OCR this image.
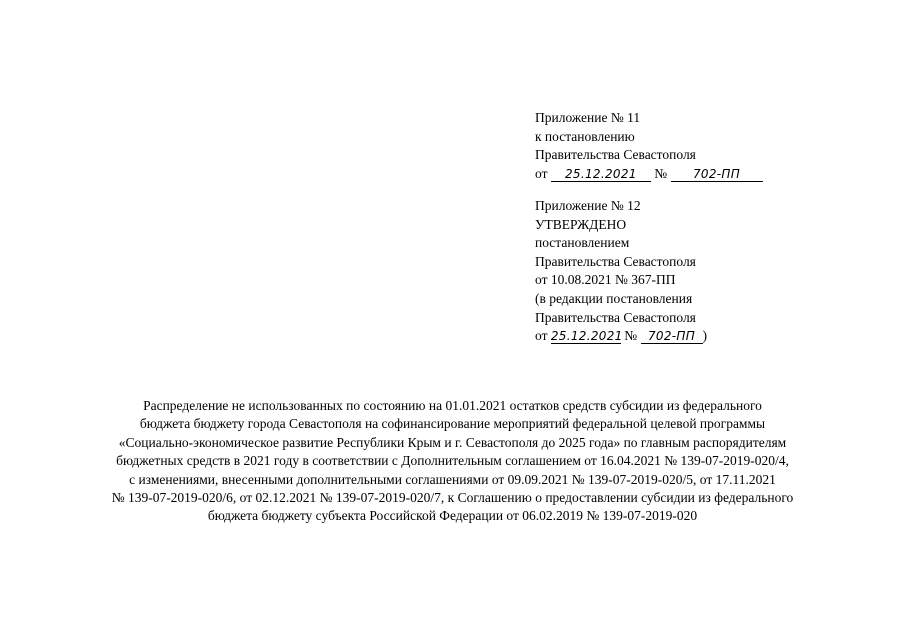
Приложение № 11
к постановлению
Правительства Севастополя
от 25.12.2021 № 702-ПП
Приложение № 12
УТВЕРЖДЕНО
постановлением
Правительства Севастополя
от 10.08.2021 № 367-ПП
(в редакции постановления
Правительства Севастополя
от 25.12.2021 № 702-ПП )
Распределение не использованных по состоянию на 01.01.2021 остатков средств субсидии из федерального
бюджета бюджету города Севастополя на софинансирование мероприятий федеральной целевой программы
«Социально-экономическое развитие Республики Крым и г. Севастополя до 2025 года» по главным распорядителям
бюджетных средств в 2021 году в соответствии с Дополнительным соглашением от 16.04.2021 № 139-07-2019-020/4,
с изменениями, внесенными дополнительными соглашениями от 09.09.2021 № 139-07-2019-020/5, от 17.11.2021
№ 139-07-2019-020/6, от 02.12.2021 № 139-07-2019-020/7, к Соглашению о предоставлении субсидии из федерального
бюджета бюджету субъекта Российской Федерации от 06.02.2019 № 139-07-2019-020
